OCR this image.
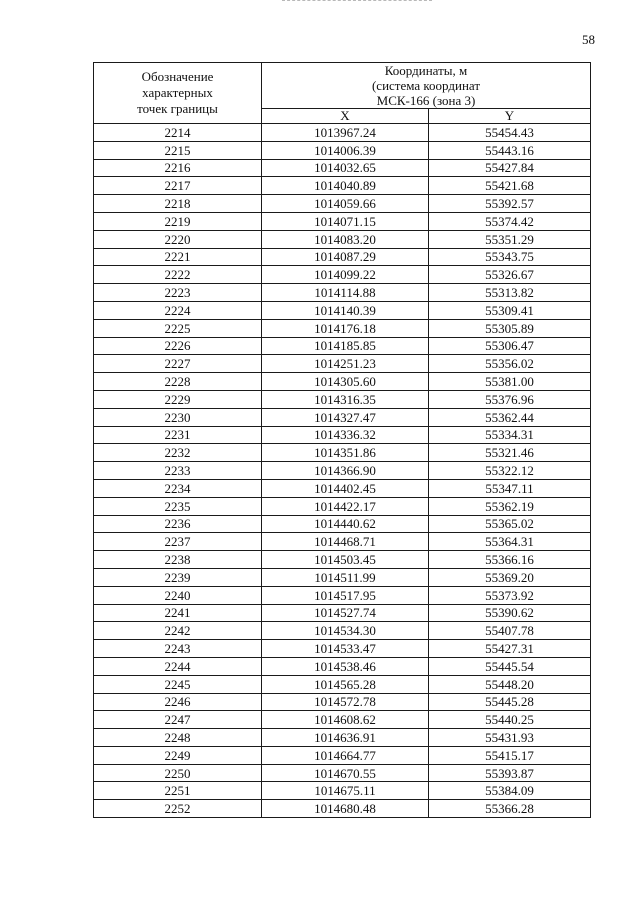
58
Обозначение
характерных
точек границы	Координаты, м
(система координат
МСК-166 (зона 3)	

	X	Y
2214	1013967.24	55454.43
2215	1014006.39	55443.16
2216	1014032.65	55427.84
2217	1014040.89	55421.68
2218	1014059.66	55392.57
2219	1014071.15	55374.42
2220	1014083.20	55351.29
2221	1014087.29	55343.75
2222	1014099.22	55326.67
2223	1014114.88	55313.82
2224	1014140.39	55309.41
2225	1014176.18	55305.89
2226	1014185.85	55306.47
2227	1014251.23	55356.02
2228	1014305.60	55381.00
2229	1014316.35	55376.96
2230	1014327.47	55362.44
2231	1014336.32	55334.31
2232	1014351.86	55321.46
2233	1014366.90	55322.12
2234	1014402.45	55347.11
2235	1014422.17	55362.19
2236	1014440.62	55365.02
2237	1014468.71	55364.31
2238	1014503.45	55366.16
2239	1014511.99	55369.20
2240	1014517.95	55373.92
2241	1014527.74	55390.62
2242	1014534.30	55407.78
2243	1014533.47	55427.31
2244	1014538.46	55445.54
2245	1014565.28	55448.20
2246	1014572.78	55445.28
2247	1014608.62	55440.25
2248	1014636.91	55431.93
2249	1014664.77	55415.17
2250	1014670.55	55393.87
2251	1014675.11	55384.09
2252	1014680.48	55366.28
